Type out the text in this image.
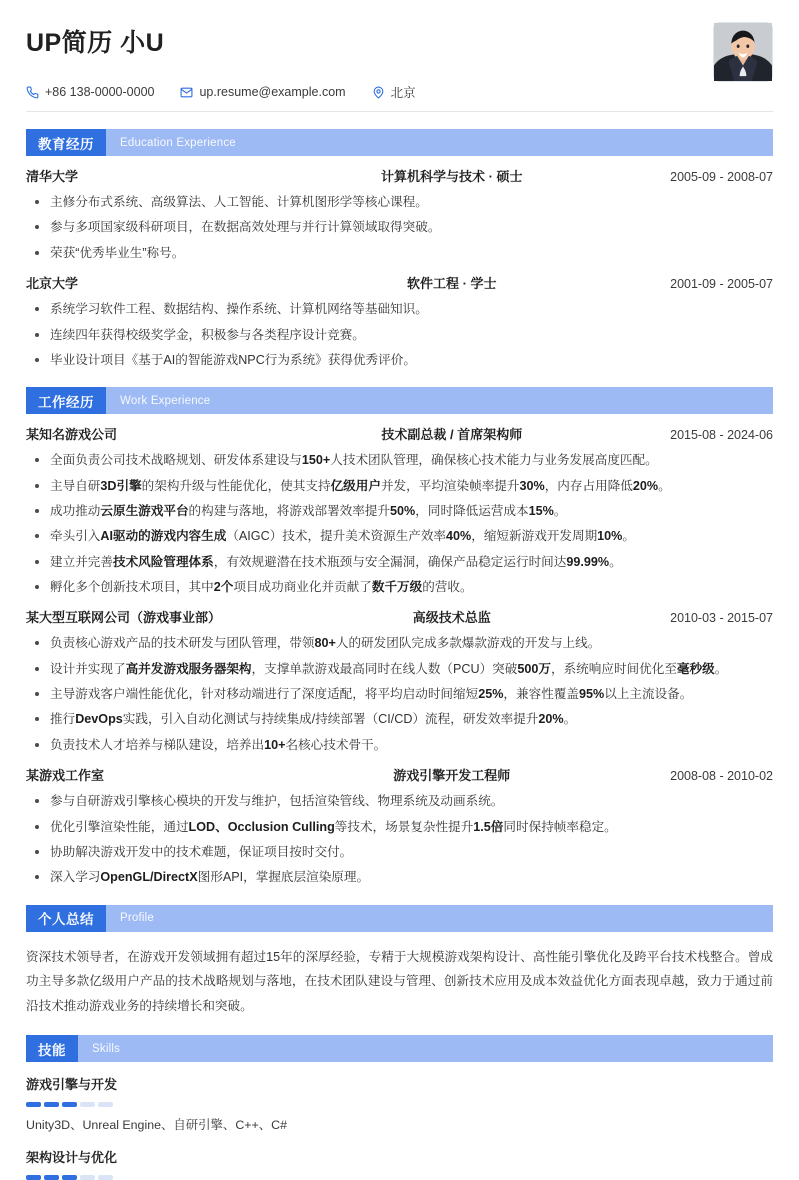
UP简历 小U
+86 138-0000-0000	up.resume@example.com	北京
教育经历	Education Experience
清华大学	计算机科学与技术 · 硕士	2005-09 - 2008-07
主修分布式系统、高级算法、人工智能、计算机图形学等核心课程。
参与多项国家级科研项目，在数据高效处理与并行计算领域取得突破。
荣获“优秀毕业生”称号。
北京大学	软件工程 · 学士	2001-09 - 2005-07
系统学习软件工程、数据结构、操作系统、计算机网络等基础知识。
连续四年获得校级奖学金，积极参与各类程序设计竞赛。
毕业设计项目《基于AI的智能游戏NPC行为系统》获得优秀评价。
工作经历	Work Experience
某知名游戏公司	技术副总裁 / 首席架构师	2015-08 - 2024-06
全面负责公司技术战略规划、研发体系建设与150+人技术团队管理，确保核心技术能力与业务发展高度匹配。
主导自研3D引擎的架构升级与性能优化，使其支持亿级用户并发，平均渲染帧率提升30%，内存占用降低20%。
成功推动云原生游戏平台的构建与落地，将游戏部署效率提升50%，同时降低运营成本15%。
牵头引入AI驱动的游戏内容生成（AIGC）技术，提升美术资源生产效率40%，缩短新游戏开发周期10%。
建立并完善技术风险管理体系，有效规避潜在技术瓶颈与安全漏洞，确保产品稳定运行时间达99.99%。
孵化多个创新技术项目，其中2个项目成功商业化并贡献了数千万级的营收。
某大型互联网公司（游戏事业部）	高级技术总监	2010-03 - 2015-07
负责核心游戏产品的技术研发与团队管理，带领80+人的研发团队完成多款爆款游戏的开发与上线。
设计并实现了高并发游戏服务器架构，支撑单款游戏最高同时在线人数（PCU）突破500万，系统响应时间优化至毫秒级。
主导游戏客户端性能优化，针对移动端进行了深度适配，将平均启动时间缩短25%，兼容性覆盖95%以上主流设备。
推行DevOps实践，引入自动化测试与持续集成/持续部署（CI/CD）流程，研发效率提升20%。
负责技术人才培养与梯队建设，培养出10+名核心技术骨干。
某游戏工作室	游戏引擎开发工程师	2008-08 - 2010-02
参与自研游戏引擎核心模块的开发与维护，包括渲染管线、物理系统及动画系统。
优化引擎渲染性能，通过LOD、Occlusion Culling等技术，场景复杂性提升1.5倍同时保持帧率稳定。
协助解决游戏开发中的技术难题，保证项目按时交付。
深入学习OpenGL/DirectX图形API，掌握底层渲染原理。
个人总结	Profile
资深技术领导者，在游戏开发领域拥有超过15年的深厚经验，专精于大规模游戏架构设计、高性能引擎优化及跨平台技术栈整合。曾成功主导多款亿级用户产品的技术战略规划与落地，在技术团队建设与管理、创新技术应用及成本效益优化方面表现卓越，致力于通过前沿技术推动游戏业务的持续增长和突破。
技能	Skills
游戏引擎与开发
Unity3D、Unreal Engine、自研引擎、C++、C#
架构设计与优化
